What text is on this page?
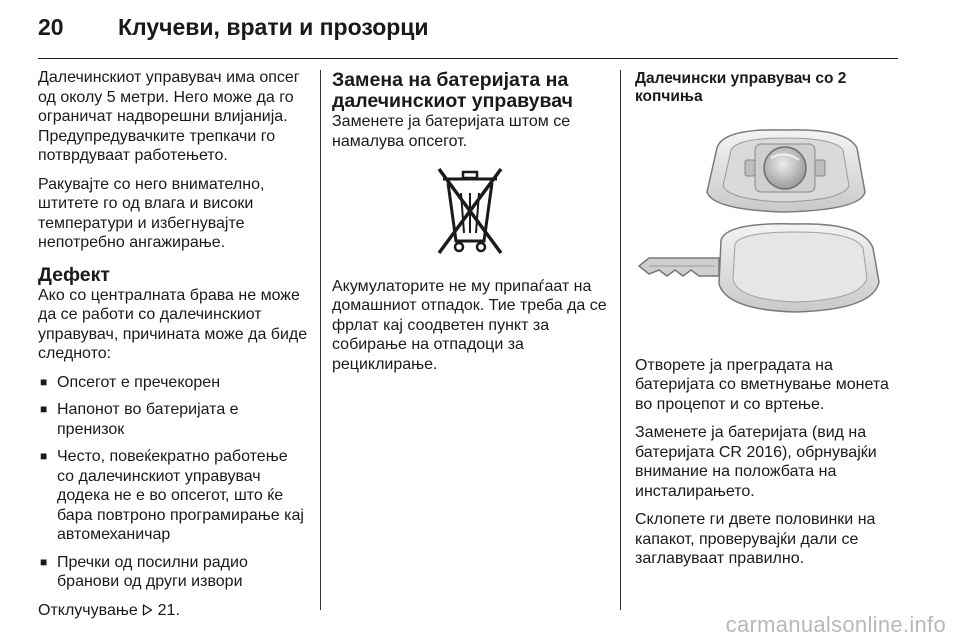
20	Клучеви, врати и прозорци

Далечинскиот управувач има опсег од околу 5 метри. Него може да го ограничат надворешни влијанија. Предупредувачките трепкачи го потврдуваат работењето.

Ракувајте со него внимателно, штитете го од влага и високи температури и избегнувајте непотребно ангажирање.

Дефект

Ако со централната брава не може да се работи со далечинскиот управувач, причината може да биде следното:

■ Опсегот е пречекорен
■ Напонот во батеријата е пренизок
■ Често, повеќекратно работење со далечинскиот управувач додека не е во опсегот, што ќе бара повтроно програмирање кај автомеханичар
■ Пречки од посилни радио бранови од други извори

Отклучување 21.

Замена на батеријата на далечинскиот управувач

Заменете ја батеријата штом се намалува опсегот.

Акумулаторите не му припаѓаат на домашниот отпадок. Тие треба да се фрлат кај соодветен пункт за собирање на отпадоци за рециклирање.

Далечински управувач со 2 копчиња

Отворете ја преградата на батеријата со вметнување монета во процепот и со вртење.

Заменете ја батеријата (вид на батеријата CR 2016), обрнувајќи внимание на положбата на инсталирањето.

Склопете ги двете половинки на капакот, проверувајќи дали се заглавуваат правилно.

carmanualsonline.info
